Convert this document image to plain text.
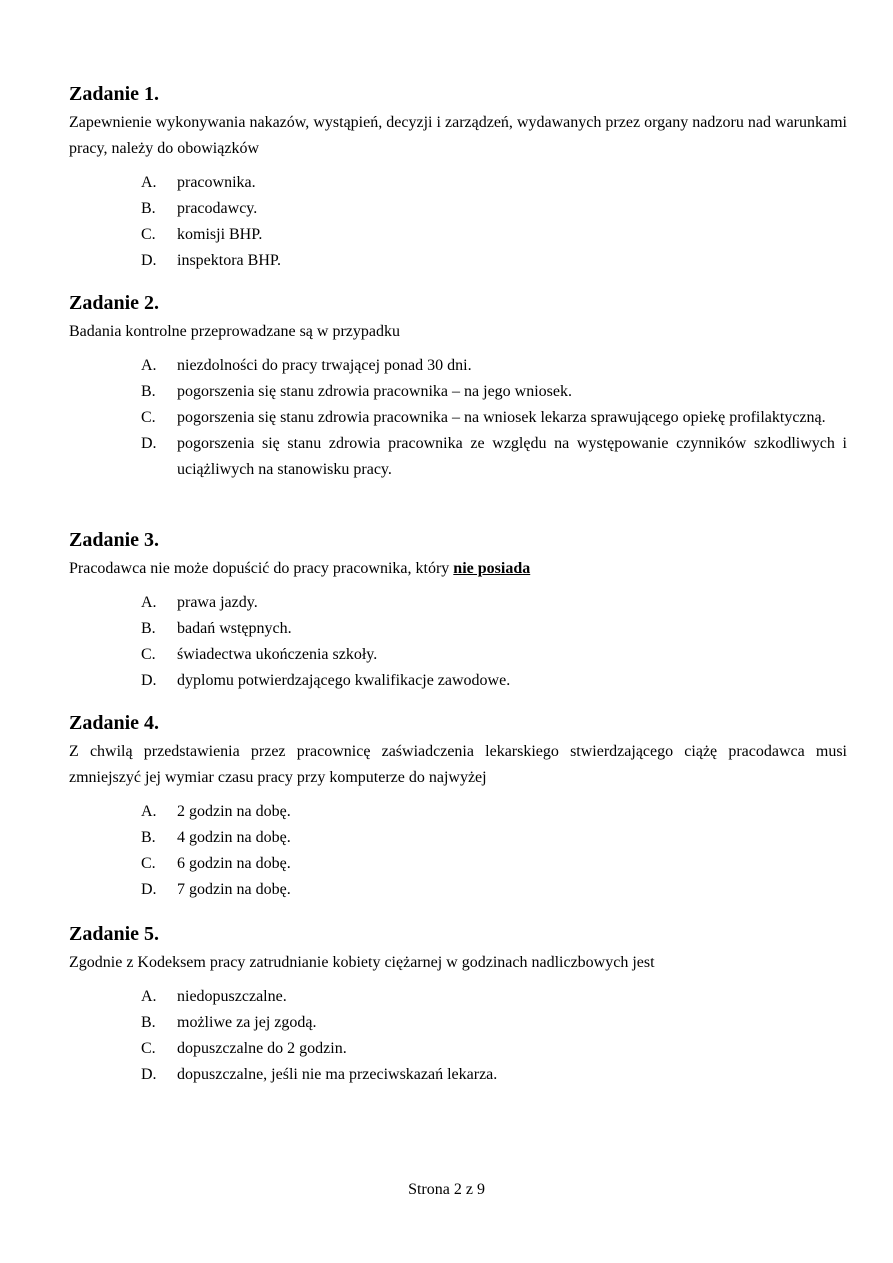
Zadanie 1.

Zapewnienie wykonywania nakazów, wystąpień, decyzji i zarządzeń, wydawanych przez organy nadzoru nad warunkami pracy, należy do obowiązków

A.	pracownika.
B.	pracodawcy.
C.	komisji BHP.
D.	inspektora BHP.
Zadanie 2.

Badania kontrolne przeprowadzane są w przypadku

A.	niezdolności do pracy trwającej ponad 30 dni.
B.	pogorszenia się stanu zdrowia pracownika – na jego wniosek.
C.	pogorszenia się stanu zdrowia pracownika – na wniosek lekarza sprawującego opiekę profilaktyczną.
D.	pogorszenia się stanu zdrowia pracownika ze względu na występowanie czynników szkodliwych i uciążliwych na stanowisku pracy.
Zadanie 3.

Pracodawca nie może dopuścić do pracy pracownika, który nie posiada

A.	prawa jazdy.
B.	badań wstępnych.
C.	świadectwa ukończenia szkoły.
D.	dyplomu potwierdzającego kwalifikacje zawodowe.
Zadanie 4.

Z chwilą przedstawienia przez pracownicę zaświadczenia lekarskiego stwierdzającego ciążę pracodawca musi zmniejszyć jej wymiar czasu pracy przy komputerze do najwyżej

A.	2 godzin na dobę.
B.	4 godzin na dobę.
C.	6 godzin na dobę.
D.	7 godzin na dobę.
Zadanie 5.

Zgodnie z Kodeksem pracy zatrudnianie kobiety ciężarnej w godzinach nadliczbowych jest

A.	niedopuszczalne.
B.	możliwe za jej zgodą.
C.	dopuszczalne do 2 godzin.
D.	dopuszczalne, jeśli nie ma przeciwskazań lekarza.
Strona 2 z 9
